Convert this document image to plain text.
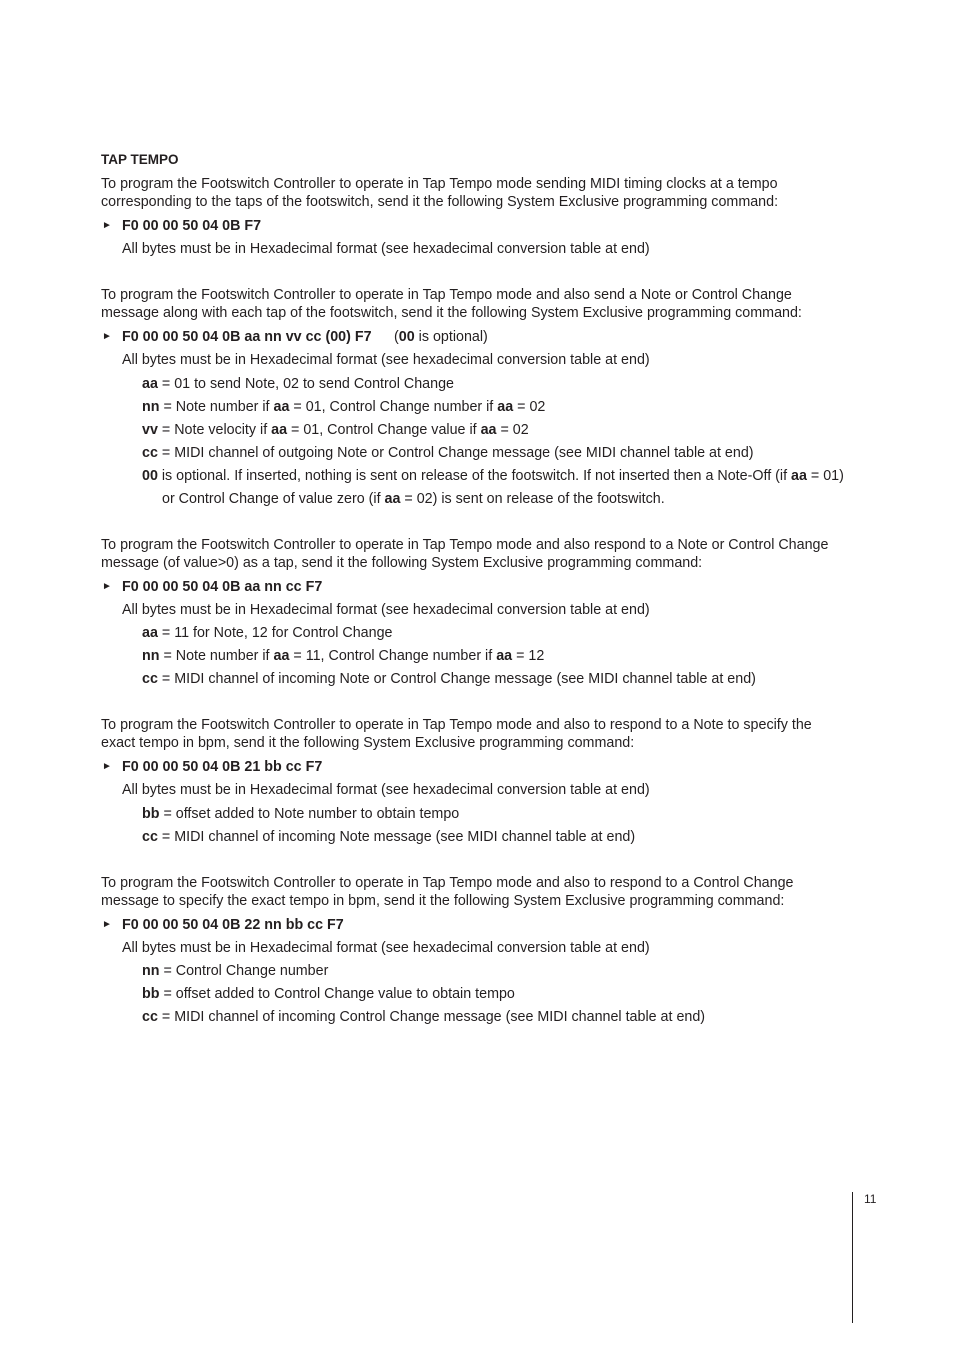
TAP TEMPO
To program the Footswitch Controller to operate in Tap Tempo mode sending MIDI timing clocks at a tempo
corresponding to the taps of the footswitch, send it the following System Exclusive programming command:
► F0 00 00 50 04 0B F7
All bytes must be in Hexadecimal format (see hexadecimal conversion table at end)
To program the Footswitch Controller to operate in Tap Tempo mode and also send a Note or Control Change
message along with each tap of the footswitch, send it the following System Exclusive programming command:
► F0 00 00 50 04 0B aa nn vv cc (00) F7 (00 is optional)
All bytes must be in Hexadecimal format (see hexadecimal conversion table at end)
aa = 01 to send Note, 02 to send Control Change
nn = Note number if aa = 01, Control Change number if aa = 02
vv = Note velocity if aa = 01, Control Change value if aa = 02
cc = MIDI channel of outgoing Note or Control Change message (see MIDI channel table at end)
00 is optional. If inserted, nothing is sent on release of the footswitch. If not inserted then a Note-Off (if aa = 01)
or Control Change of value zero (if aa = 02) is sent on release of the footswitch.
To program the Footswitch Controller to operate in Tap Tempo mode and also respond to a Note or Control Change
message (of value>0) as a tap, send it the following System Exclusive programming command:
► F0 00 00 50 04 0B aa nn cc F7
All bytes must be in Hexadecimal format (see hexadecimal conversion table at end)
aa = 11 for Note, 12 for Control Change
nn = Note number if aa = 11, Control Change number if aa = 12
cc = MIDI channel of incoming Note or Control Change message (see MIDI channel table at end)
To program the Footswitch Controller to operate in Tap Tempo mode and also to respond to a Note to specify the
exact tempo in bpm, send it the following System Exclusive programming command:
► F0 00 00 50 04 0B 21 bb cc F7
All bytes must be in Hexadecimal format (see hexadecimal conversion table at end)
bb = offset added to Note number to obtain tempo
cc = MIDI channel of incoming Note message (see MIDI channel table at end)
To program the Footswitch Controller to operate in Tap Tempo mode and also to respond to a Control Change
message to specify the exact tempo in bpm, send it the following System Exclusive programming command:
► F0 00 00 50 04 0B 22 nn bb cc F7
All bytes must be in Hexadecimal format (see hexadecimal conversion table at end)
nn = Control Change number
bb = offset added to Control Change value to obtain tempo
cc = MIDI channel of incoming Control Change message (see MIDI channel table at end)
11
